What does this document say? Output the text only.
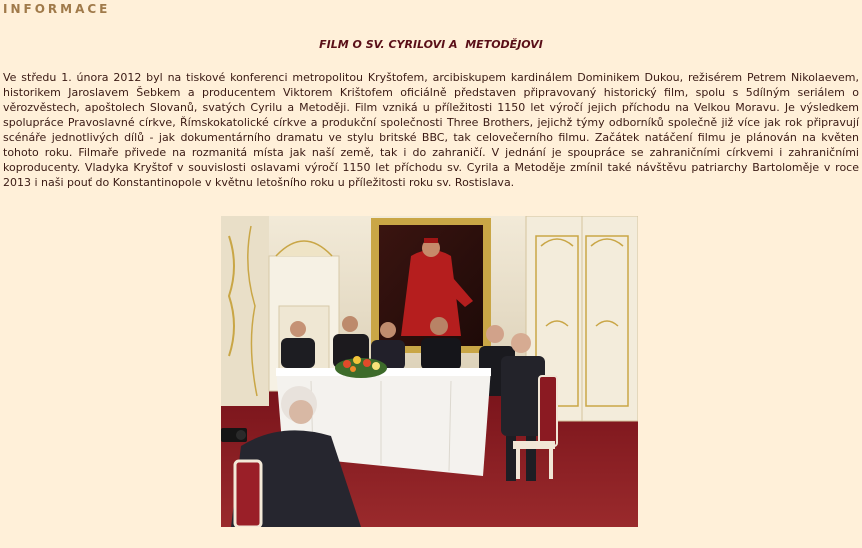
INFORMACE
FILM O SV. CYRILOVI A  METODĚJOVI

Ve středu 1. února 2012 byl na tiskové konferenci metropolitou Kryštofem, arcibiskupem kardinálem Dominikem Dukou, režisérem Petrem Nikolaevem, historikem Jaroslavem Šebkem a producentem Viktorem Krištofem oficiálně představen připravovaný historický film, spolu s 5dílným seriálem o věrozvěstech, apoštolech Slovanů, svatých Cyrilu a Metoději. Film vzniká u příležitosti 1150 let výročí jejich příchodu na Velkou Moravu. Je výsledkem spolupráce Pravoslavné církve, Římskokatolické církve a produkční společnosti Three Brothers, jejichž týmy odborníků společně již více jak rok připravují scénáře jednotlivých dílů - jak dokumentárního dramatu ve stylu britské BBC, tak celovečerního filmu. Začátek natáčení filmu je plánován na květen tohoto roku. Filmaře přivede na rozmanitá místa jak naší země, tak i do zahraničí. V jednání je spoupráce se zahraničními církvemi i zahraničními koproducenty. Vladyka Kryštof v souvislosti oslavami výročí 1150 let příchodu sv. Cyrila a Metoděje zmínil také návštěvu patriarchy Bartoloměje v roce 2013 i naši pouť do Konstantinopole v květnu letošního roku u příležitosti roku sv. Rostislava.
